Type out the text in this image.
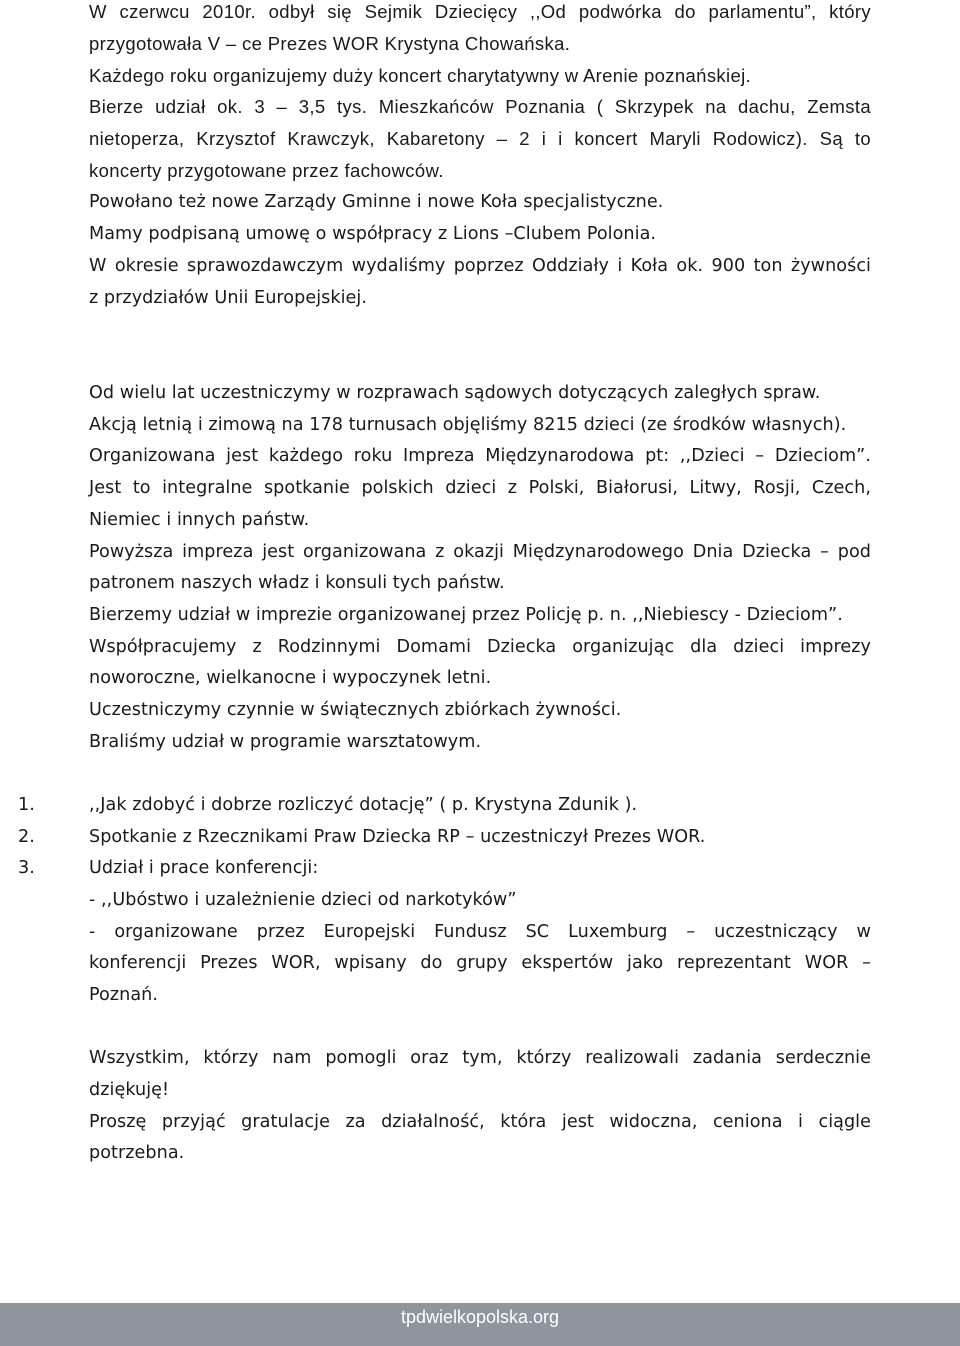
W czerwcu 2010r. odbył się Sejmik Dziecięcy ,,Od podwórka do parlamentu”, który

przygotowała V – ce Prezes WOR Krystyna Chowańska.

Każdego roku organizujemy duży koncert charytatywny w Arenie poznańskiej.

Bierze udział ok. 3 – 3,5 tys. Mieszkańców Poznania ( Skrzypek na dachu, Zemsta

nietoperza, Krzysztof Krawczyk, Kabaretony – 2 i i koncert Maryli Rodowicz). Są to

koncerty przygotowane przez fachowców.

Powołano też nowe Zarządy Gminne i nowe Koła specjalistyczne.

Mamy podpisaną umowę o współpracy z Lions –Clubem Polonia.

W okresie sprawozdawczym wydaliśmy poprzez Oddziały i Koła ok. 900 ton żywności

z przydziałów Unii Europejskiej.

Od wielu lat uczestniczymy w rozprawach sądowych dotyczących zaległych spraw.

Akcją letnią i zimową na 178 turnusach objęliśmy 8215 dzieci (ze środków własnych).

Organizowana jest każdego roku Impreza Międzynarodowa pt: ,,Dzieci – Dzieciom”.

Jest to integralne spotkanie polskich dzieci z Polski, Białorusi, Litwy, Rosji, Czech,

Niemiec i innych państw.

Powyższa impreza jest organizowana z okazji Międzynarodowego Dnia Dziecka – pod

patronem naszych władz i konsuli tych państw.

Bierzemy udział w imprezie organizowanej przez Policję p. n. ,,Niebiescy - Dzieciom”.

Współpracujemy z Rodzinnymi Domami Dziecka organizując dla dzieci imprezy

noworoczne, wielkanocne i wypoczynek letni.

Uczestniczymy czynnie w świątecznych zbiórkach żywności.

Braliśmy udział w programie warsztatowym.

1.	,,Jak zdobyć i dobrze rozliczyć dotację” ( p. Krystyna Zdunik ).

2.	Spotkanie z Rzecznikami Praw Dziecka RP – uczestniczył Prezes WOR.

3.	Udział i prace konferencji:

- ,,Ubóstwo i uzależnienie dzieci od narkotyków”

- organizowane przez Europejski Fundusz SC Luxemburg – uczestniczący w

konferencji Prezes WOR, wpisany do grupy ekspertów jako reprezentant WOR –

Poznań.

Wszystkim, którzy nam pomogli oraz tym, którzy realizowali zadania serdecznie

dziękuję!

Proszę przyjąć gratulacje za działalność, która jest widoczna, ceniona i ciągle

potrzebna.

tpdwielkopolska.org
